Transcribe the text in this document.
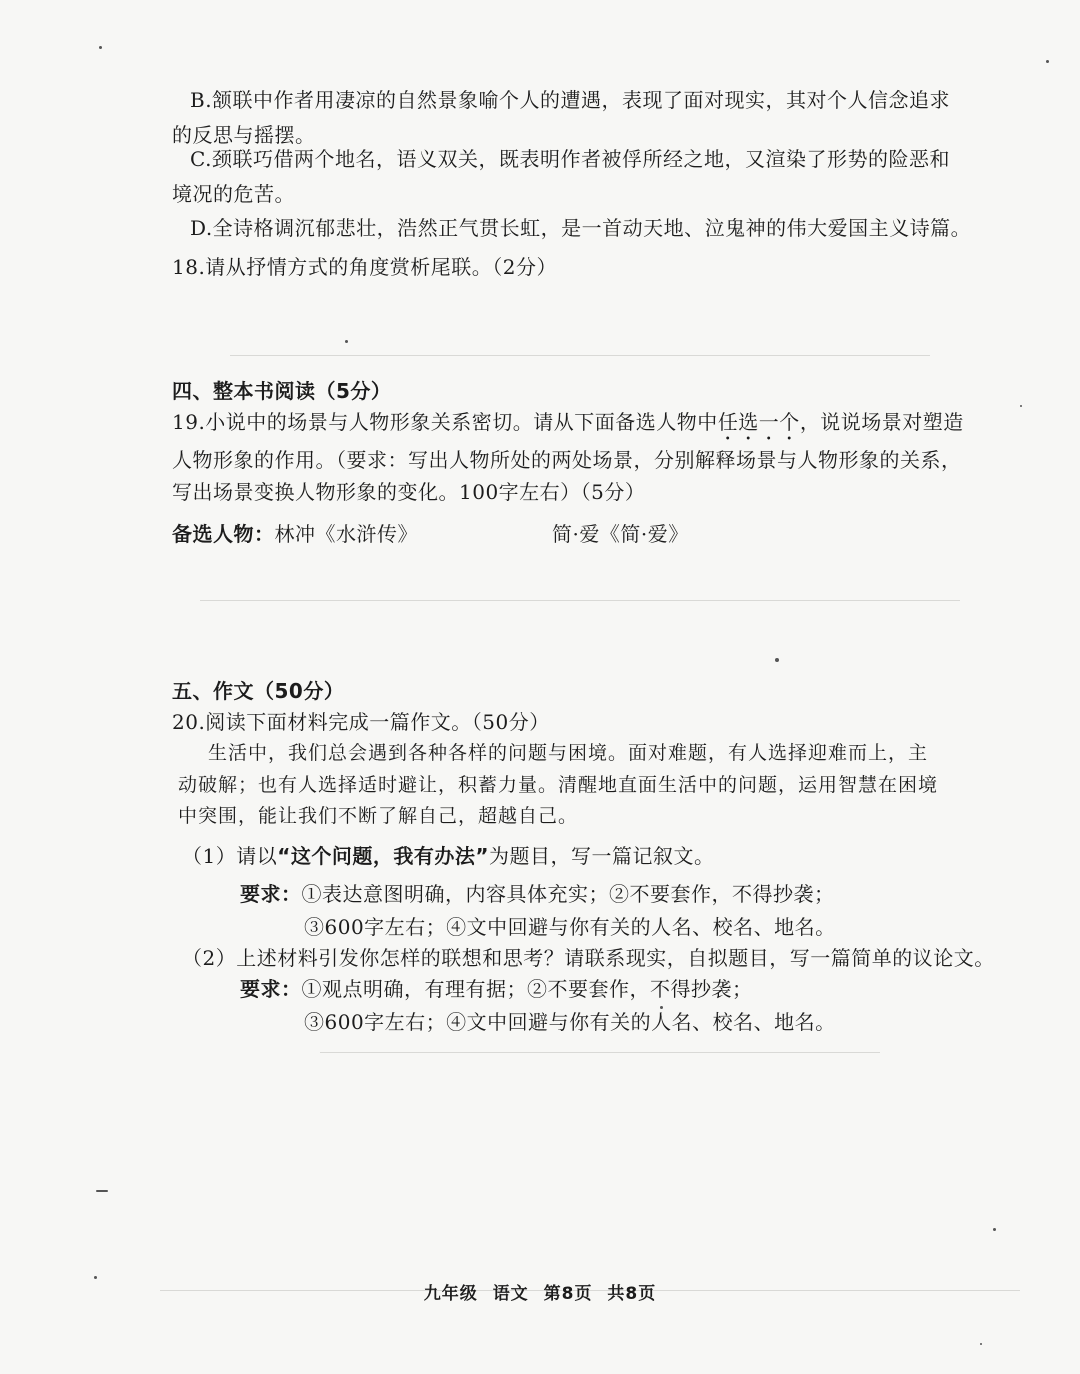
B.颔联中作者用凄凉的自然景象喻个人的遭遇，表现了面对现实，其对个人信念追求
的反思与摇摆。
C.颈联巧借两个地名，语义双关，既表明作者被俘所经之地，又渲染了形势的险恶和
境况的危苦。
D.全诗格调沉郁悲壮，浩然正气贯长虹，是一首动天地、泣鬼神的伟大爱国主义诗篇。
18.请从抒情方式的角度赏析尾联。（2分）
四、整本书阅读（5分）
19.小说中的场景与人物形象关系密切。请从下面备选人物中任选一个，说说场景对塑造
人物形象的作用。（要求：写出人物所处的两处场景，分别解释场景与人物形象的关系，
写出场景变换人物形象的变化。100字左右）（5分）
备选人物：林冲《水浒传》	简·爱《简·爱》
五、作文（50分）
20.阅读下面材料完成一篇作文。（50分）
生活中，我们总会遇到各种各样的问题与困境。面对难题，有人选择迎难而上，主
动破解；也有人选择适时避让，积蓄力量。清醒地直面生活中的问题，运用智慧在困境
中突围，能让我们不断了解自己，超越自己。
（1）请以“这个问题，我有办法”为题目，写一篇记叙文。
要求：①表达意图明确，内容具体充实；②不要套作，不得抄袭；
③600字左右；④文中回避与你有关的人名、校名、地名。
（2）上述材料引发你怎样的联想和思考？请联系现实，自拟题目，写一篇简单的议论文。
要求：①观点明确，有理有据；②不要套作，不得抄袭；
③600字左右；④文中回避与你有关的人名、校名、地名。
九年级 语文 第8页 共8页
